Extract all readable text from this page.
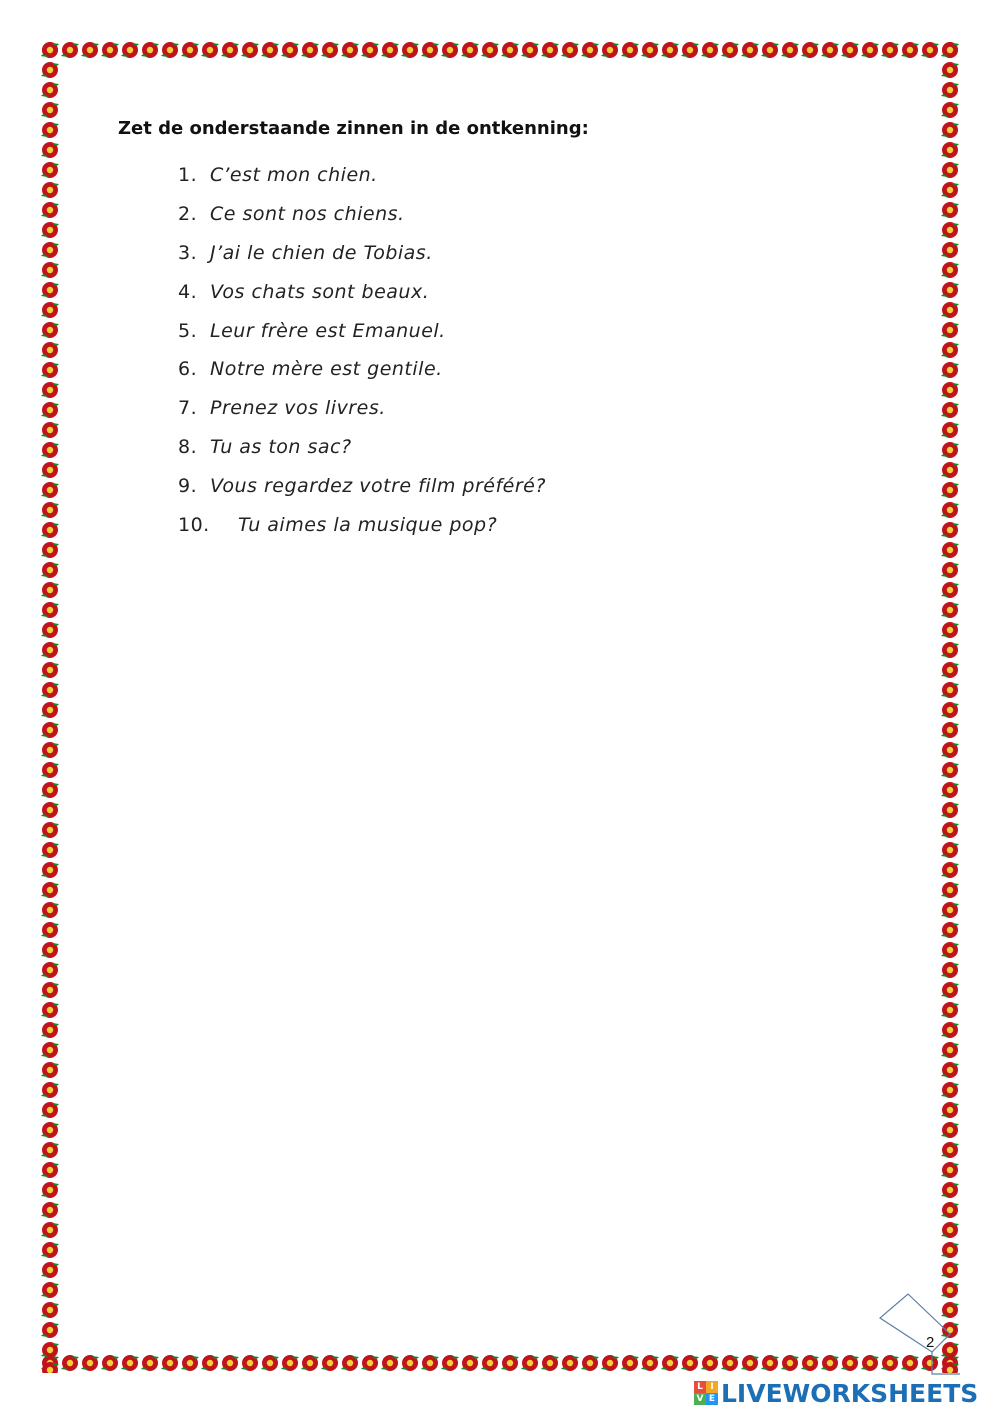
Zet de onderstaande zinnen in de ontkenning:
1. C’est mon chien.
2. Ce sont nos chiens.
3. J’ai le chien de Tobias.
4. Vos chats sont beaux.
5. Leur frère est Emanuel.
6. Notre mère est gentile.
7. Prenez vos livres.
8. Tu as ton sac?
9. Vous regardez votre film préféré?
10.	Tu aimes la musique pop?
2
L I
V E LIVEWORKSHEETS
